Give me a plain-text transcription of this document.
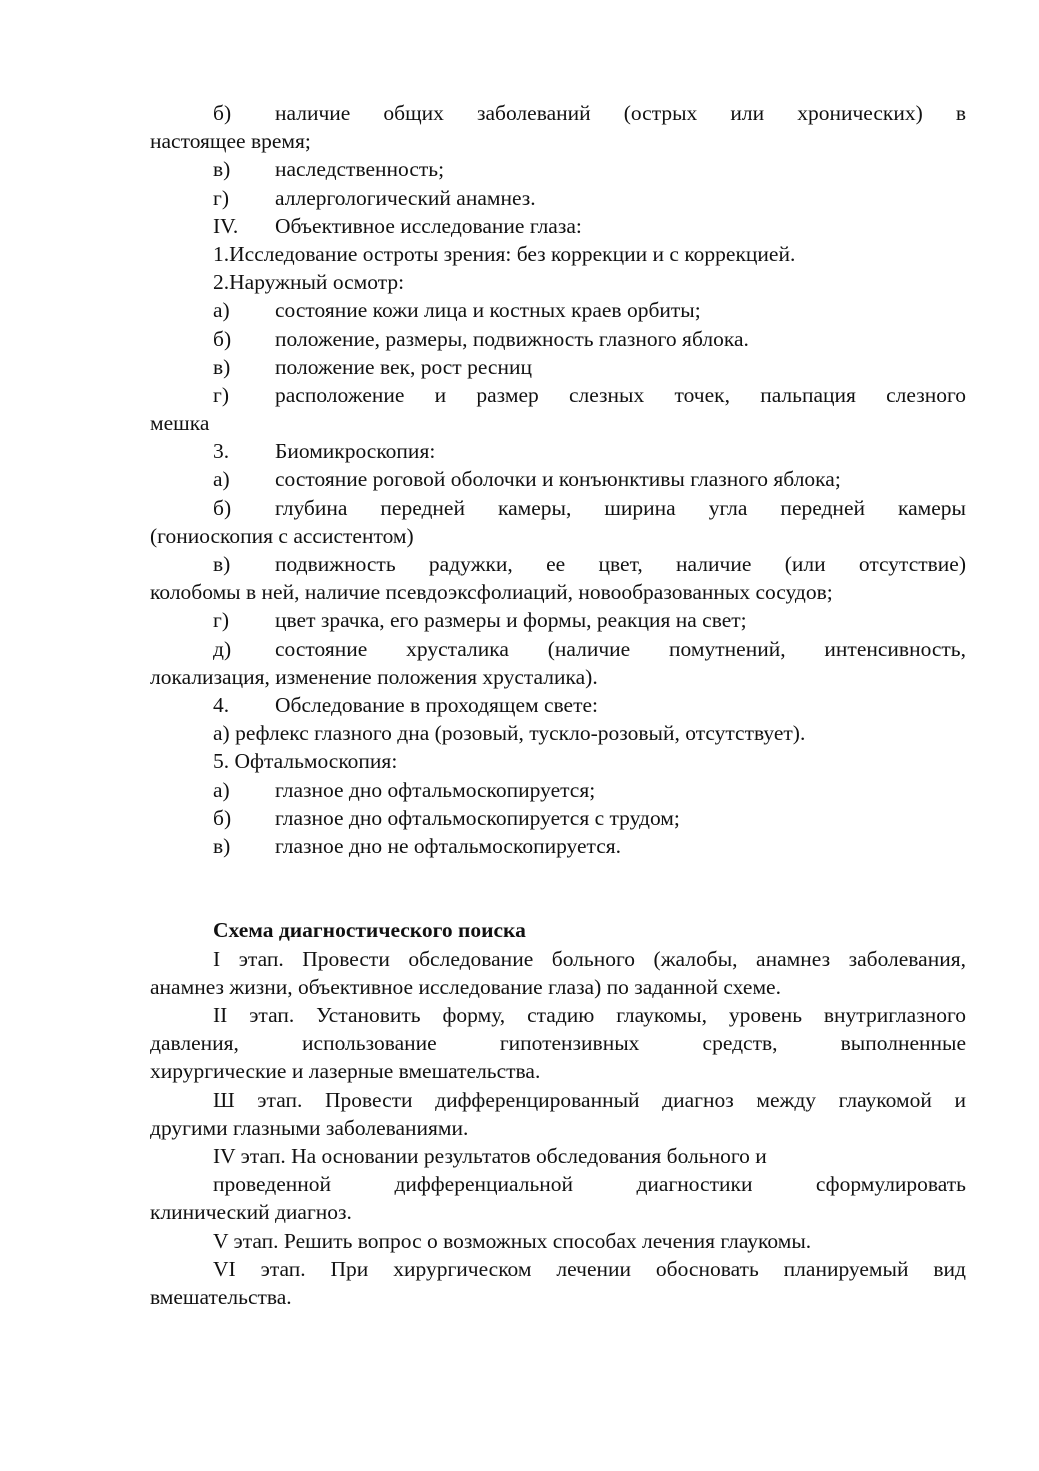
б)	наличие общих заболеваний (острых или хронических) в
настоящее время;
в)	наследственность;
г)	аллергологический анамнез.
IV.	Объективное исследование глаза:
1.Исследование остроты зрения: без коррекции и с коррекцией.
2.Наружный осмотр:
а)	состояние кожи лица и костных краев орбиты;
б)	положение, размеры, подвижность глазного яблока.
в)	положение век, рост ресниц
г)	расположение и размер слезных точек, пальпация слезного
мешка
3.	Биомикроскопия:
а)	состояние роговой оболочки и конъюнктивы глазного яблока;
б)	глубина передней камеры, ширина угла передней камеры
(гониоскопия с ассистентом)
в)	подвижность радужки, ее цвет, наличие (или отсутствие)
колобомы в ней, наличие псевдоэксфолиаций, новообразованных сосудов;
г)	цвет зрачка, его размеры и формы, реакция на свет;
д)	состояние хрусталика (наличие помутнений, интенсивность,
локализация, изменение положения хрусталика).
4.	Обследование в проходящем свете:
а) рефлекс глазного дна (розовый, тускло-розовый, отсутствует).
5. Офтальмоскопия:
а)	глазное дно офтальмоскопируется;
б)	глазное дно офтальмоскопируется с трудом;
в)	глазное дно не офтальмоскопируется.
Схема диагностического поиска
I этап. Провести обследование больного (жалобы, анамнез заболевания,
анамнез жизни, объективное исследование глаза) по заданной схеме.
II этап. Установить форму, стадию глаукомы, уровень внутриглазного
давления, использование гипотензивных средств, выполненные
хирургические и лазерные вмешательства.
Ш этап. Провести дифференцированный диагноз между глаукомой и
другими глазными заболеваниями.
IV этап. На основании результатов обследования больного и
проведенной дифференциальной диагностики сформулировать
клинический диагноз.
V этап. Решить вопрос о возможных способах лечения глаукомы.
VI этап. При хирургическом лечении обосновать планируемый вид
вмешательства.
